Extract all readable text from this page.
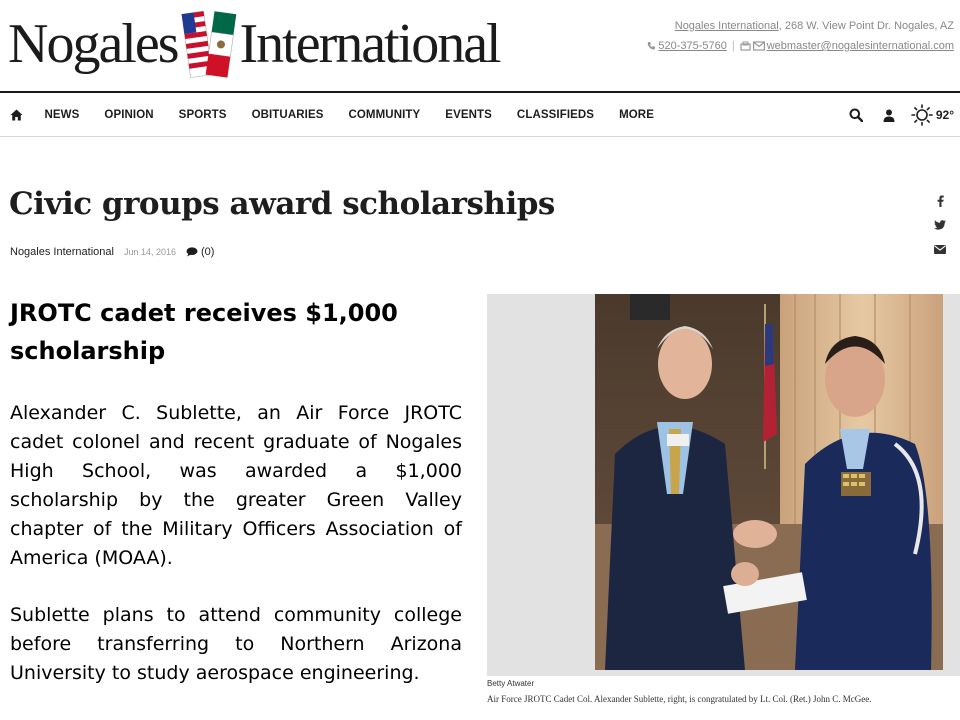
Nogales International	Nogales International, 268 W. View Point Dr. Nogales, AZ
520-375-5760 |	webmaster@nogalesinternational.com
NEWS OPINION SPORTS OBITUARIES COMMUNITY EVENTS CLASSIFIEDS MORE	92°
Civic groups award scholarships
Nogales International Jun 14, 2016 (0)
JROTC cadet receives $1,000 scholarship

Alexander C. Sublette, an Air Force JROTC cadet colonel and recent graduate of Nogales High School, was awarded a $1,000 scholarship by the greater Green Valley chapter of the Military Officers Association of America (MOAA).

Sublette plans to attend community college before transferring to Northern Arizona University to study aerospace engineering.	Betty Atwater
Air Force JROTC Cadet Col. Alexander Sublette, right, is congratulated by Lt. Col. (Ret.) John C. McGee.
